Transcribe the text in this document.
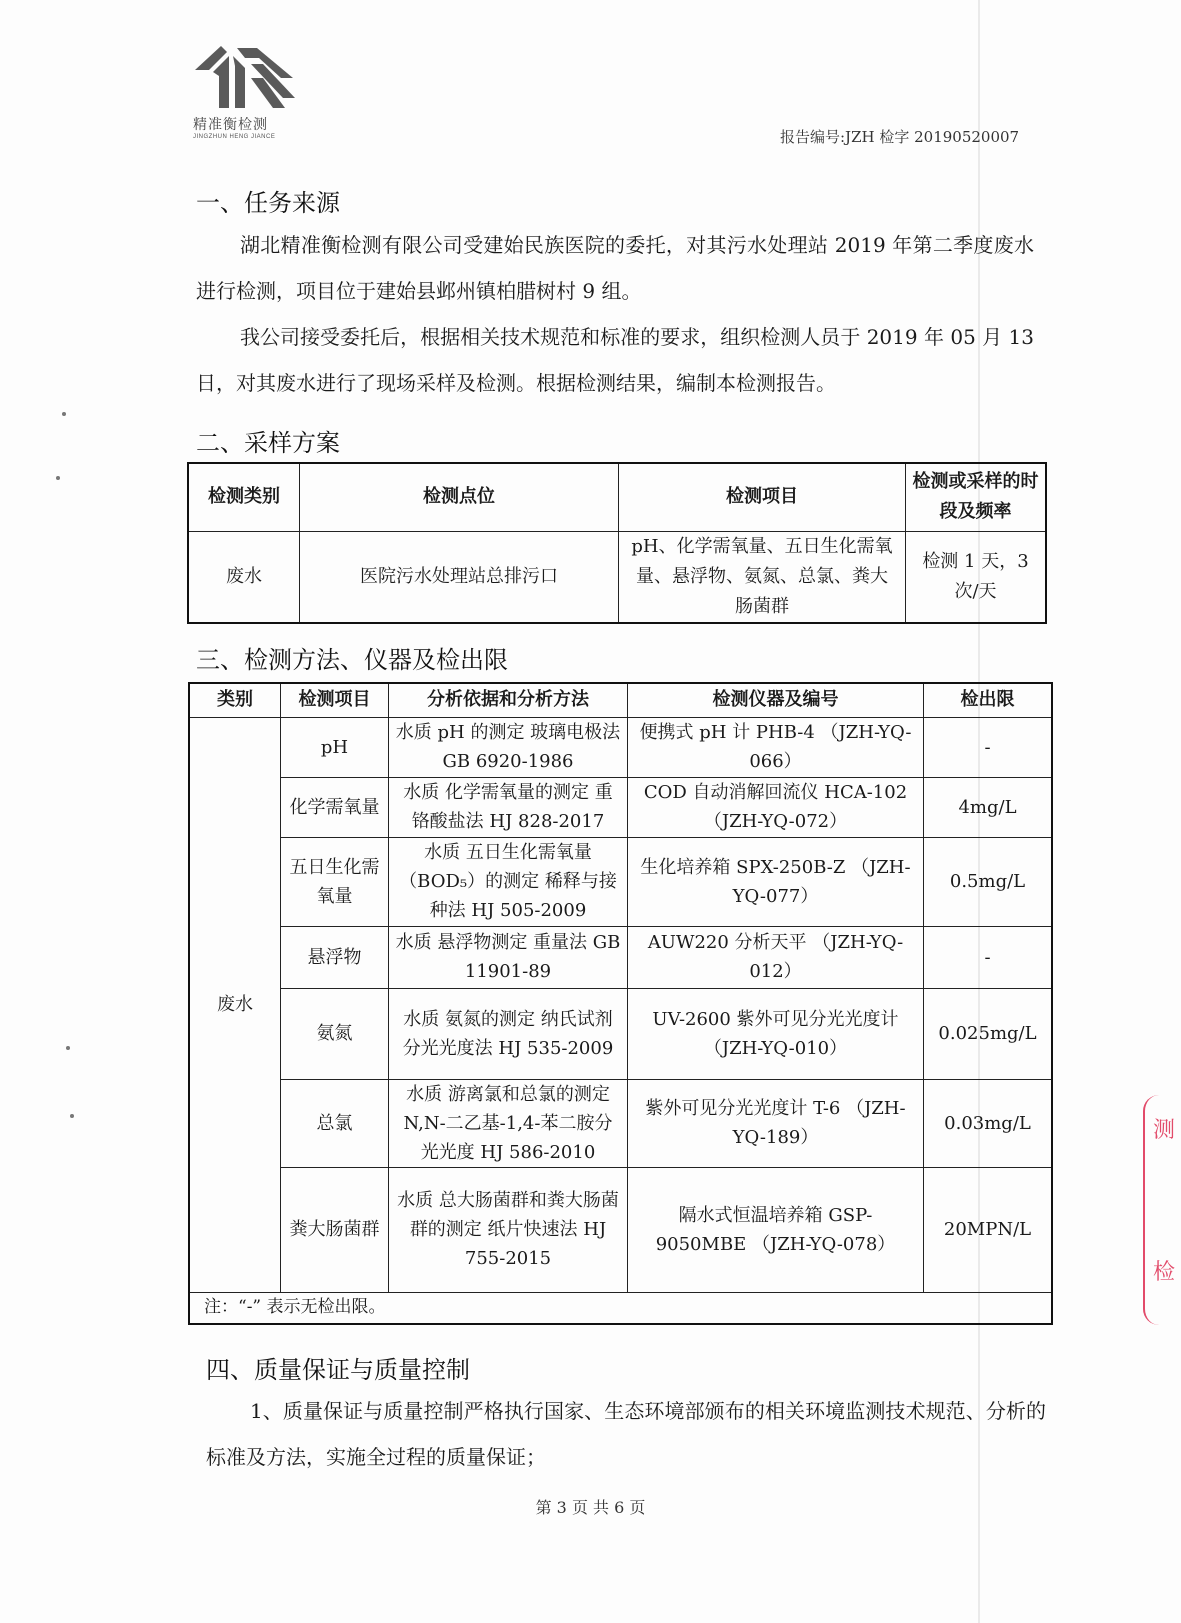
精准衡检测
JINGZHUN HENG JIANCE	报告编号:JZH 检字 20190520007
一、任务来源
湖北精准衡检测有限公司受建始民族医院的委托，对其污水处理站 2019 年第二季度废水进行检测，项目位于建始县邺州镇柏腊树村 9 组。
我公司接受委托后，根据相关技术规范和标准的要求，组织检测人员于 2019 年 05 月 13 日，对其废水进行了现场采样及检测。根据检测结果，编制本检测报告。
二、采样方案
检测类别	检测点位	检测项目	检测或采样的时段及频率
废水	医院污水处理站总排污口	pH、化学需氧量、五日生化需氧量、悬浮物、氨氮、总氯、粪大肠菌群	检测 1 天，3 次/天
三、检测方法、仪器及检出限
类别	检测项目	分析依据和分析方法	检测仪器及编号	检出限
废水	pH	水质 pH 的测定 玻璃电极法 GB 6920-1986	便携式 pH 计 PHB-4 （JZH-YQ-066）	-
	化学需氧量	水质 化学需氧量的测定 重铬酸盐法 HJ 828-2017	COD 自动消解回流仪 HCA-102（JZH-YQ-072）	4mg/L
	五日生化需氧量	水质 五日生化需氧量（BOD₅）的测定 稀释与接种法 HJ 505-2009	生化培养箱 SPX-250B-Z （JZH-YQ-077）	0.5mg/L
	悬浮物	水质 悬浮物测定 重量法 GB 11901-89	AUW220 分析天平 （JZH-YQ-012）	-
	氨氮	水质 氨氮的测定 纳氏试剂分光光度法 HJ 535-2009	UV-2600 紫外可见分光光度计 （JZH-YQ-010）	0.025mg/L
	总氯	水质 游离氯和总氯的测定 N,N-二乙基-1,4-苯二胺分光光度 HJ 586-2010	紫外可见分光光度计 T-6 （JZH-YQ-189）	0.03mg/L
	粪大肠菌群	水质 总大肠菌群和粪大肠菌群的测定 纸片快速法 HJ 755-2015	隔水式恒温培养箱 GSP-9050MBE （JZH-YQ-078）	20MPN/L
注：“-” 表示无检出限。				
四、质量保证与质量控制
1、质量保证与质量控制严格执行国家、生态环境部颁布的相关环境监测技术规范、分析的标准及方法，实施全过程的质量保证；
第 3 页 共 6 页
测
检
